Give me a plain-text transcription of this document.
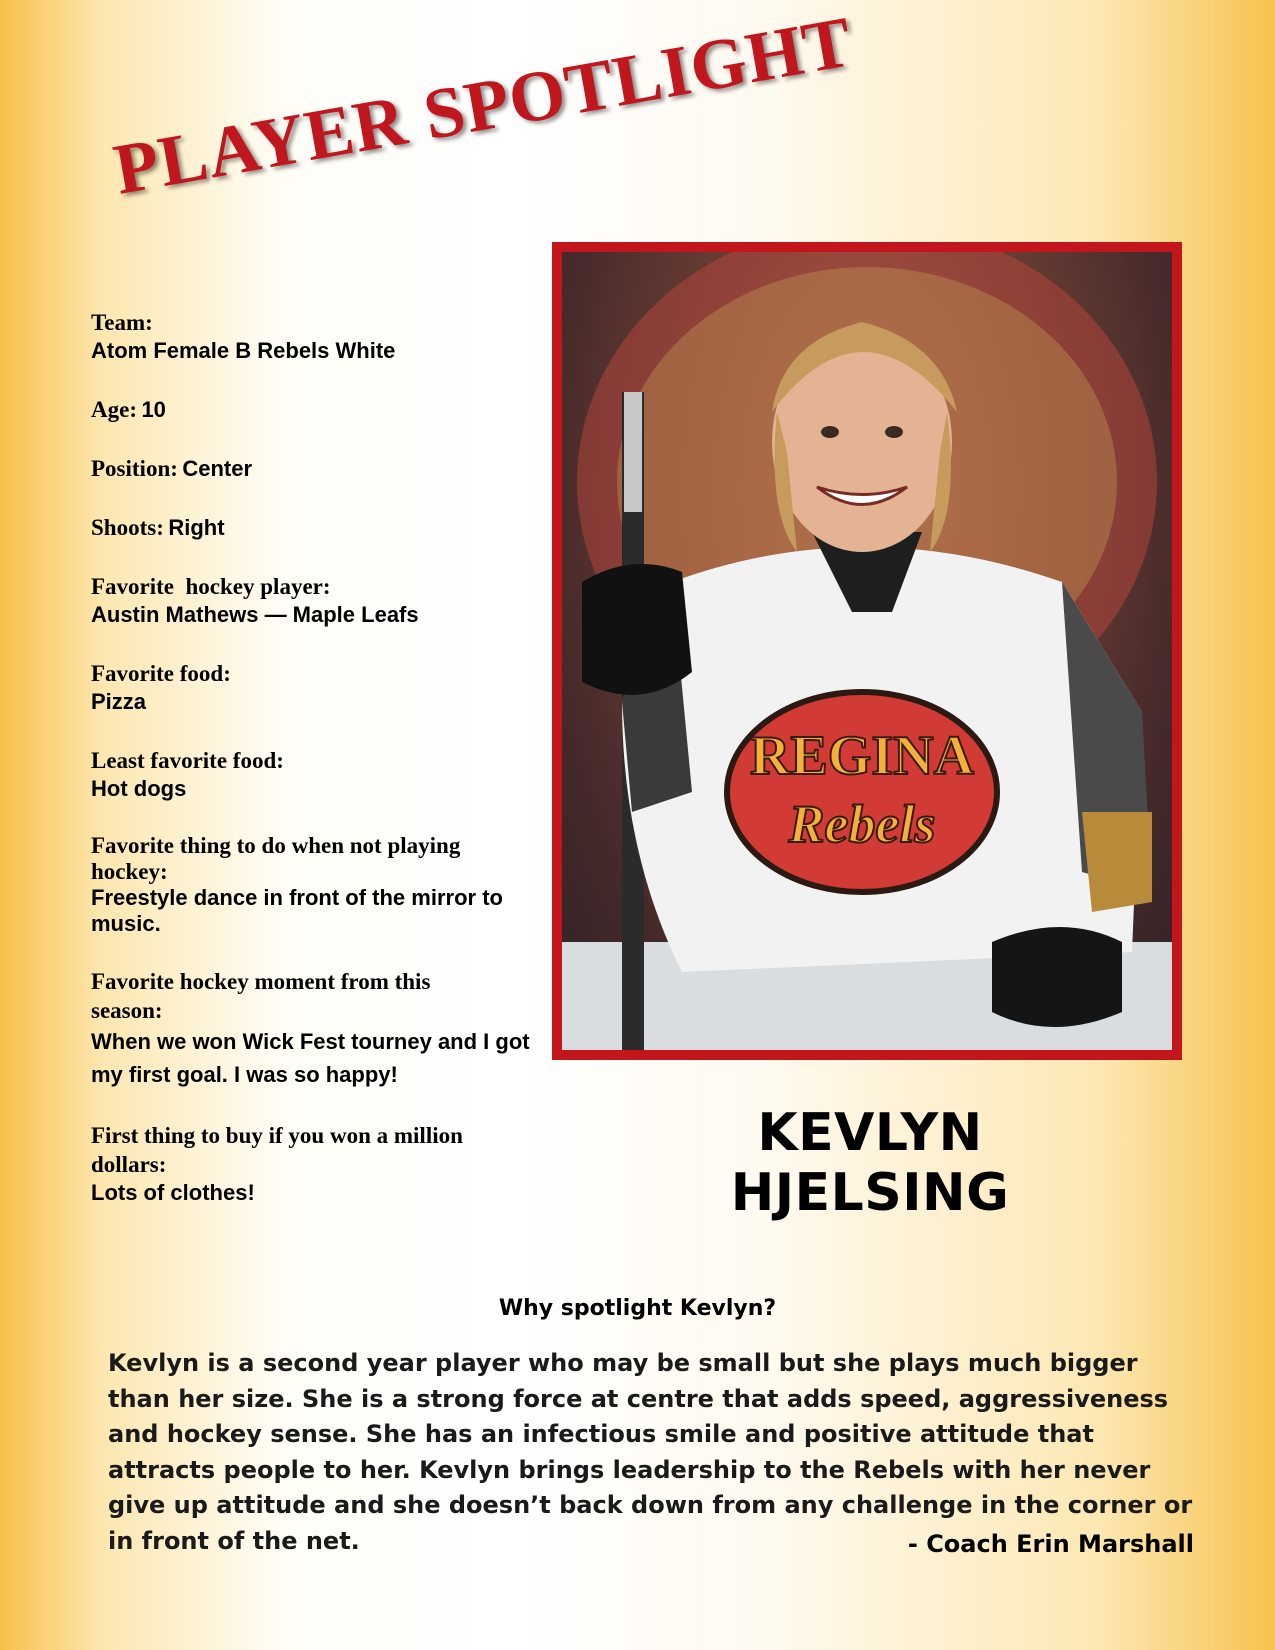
PLAYER SPOTLIGHT
Team:
Atom Female B Rebels White
Age: 10
Position: Center
Shoots: Right
Favorite  hockey player:
Austin Mathews — Maple Leafs
Favorite food:
Pizza
Least favorite food:
Hot dogs
Favorite thing to do when not playing hockey:
Freestyle dance in front of the mirror to music.
Favorite hockey moment from this season:
When we won Wick Fest tourney and I got my first goal. I was so happy!
First thing to buy if you won a million dollars:
Lots of clothes!
REGINA
Rebels
KEVLYN HJELSING
Why spotlight Kevlyn?
Kevlyn is a second year player who may be small but she plays much bigger than her size. She is a strong force at centre that adds speed, aggressiveness and hockey sense. She has an infectious smile and positive attitude that attracts people to her. Kevlyn brings leadership to the Rebels with her never give up attitude and she doesn’t back down from any challenge in the corner or in front of the net.	- Coach Erin Marshall
